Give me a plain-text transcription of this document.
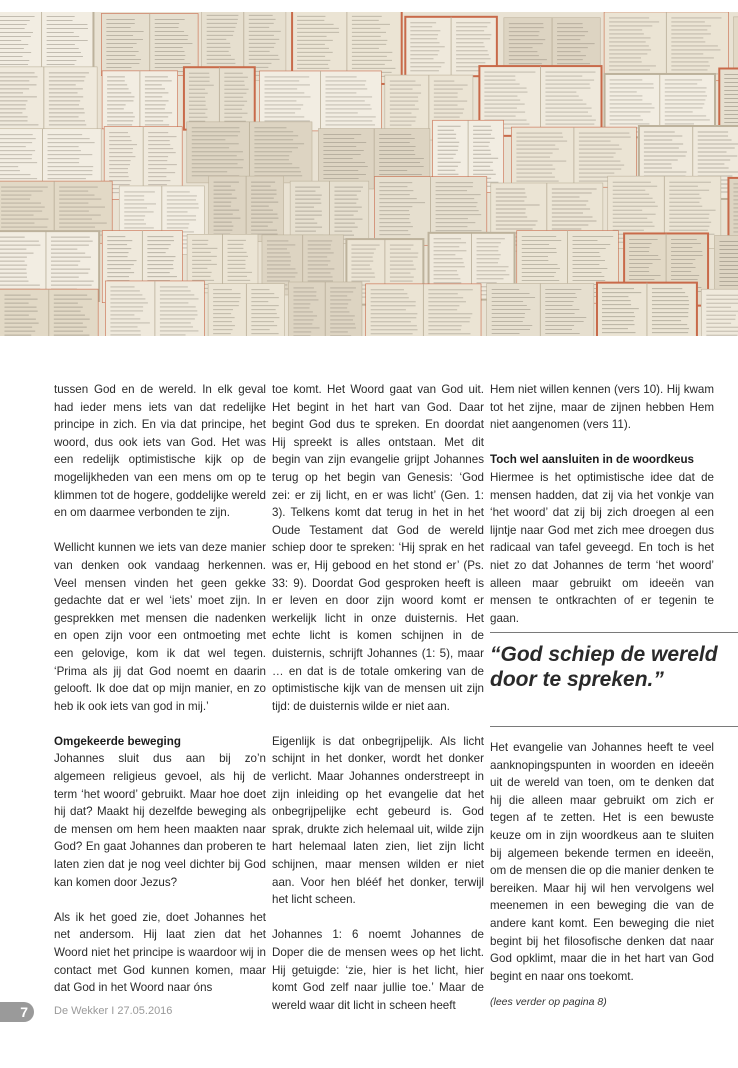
tussen God en de wereld. In elk geval had ieder mens iets van dat redelijke principe in zich. En via dat principe, het woord, dus ook iets van God. Het was een redelijk optimistische kijk op de mogelijkheden van een mens om op te klimmen tot de hogere, goddelijke wereld en om daarmee verbonden te zijn.

Wellicht kunnen we iets van deze manier van denken ook vandaag herkennen. Veel mensen vinden het geen gekke gedachte dat er wel ‘iets’ moet zijn. In gesprekken met mensen die nadenken en open zijn voor een ontmoeting met een gelovige, kom ik dat wel tegen. ‘Prima als jij dat God noemt en daarin gelooft. Ik doe dat op mijn manier, en zo heb ik ook iets van god in mij.’

Omgekeerde beweging

Johannes sluit dus aan bij zo’n algemeen religieus gevoel, als hij de term ‘het woord’ gebruikt. Maar hoe doet hij dat? Maakt hij dezelfde beweging als de mensen om hem heen maakten naar God? En gaat Johannes dan proberen te laten zien dat je nog veel dichter bij God kan komen door Jezus?

Als ik het goed zie, doet Johannes het net andersom. Hij laat zien dat het Woord niet het principe is waardoor wij in contact met God kunnen komen, maar dat God in het Woord naar óns

toe komt. Het Woord gaat van God uit. Het begint in het hart van God. Daar begint God dus te spreken. En doordat Hij spreekt is alles ontstaan. Met dit begin van zijn evangelie grijpt Johannes terug op het begin van Genesis: ‘God zei: er zij licht, en er was licht’ (Gen. 1: 3). Telkens komt dat terug in het in het Oude Testament dat God de wereld schiep door te spreken: ‘Hij sprak en het was er, Hij gebood en het stond er’ (Ps. 33: 9). Doordat God gesproken heeft is er leven en door zijn woord komt er werkelijk licht in onze duisternis. Het echte licht is komen schijnen in de duisternis, schrijft Johannes (1: 5), maar … en dat is de totale omkering van de optimistische kijk van de mensen uit zijn tijd: de duisternis wilde er niet aan.

Eigenlijk is dat onbegrijpelijk. Als licht schijnt in het donker, wordt het donker verlicht. Maar Johannes onderstreept in zijn inleiding op het evangelie dat het onbegrijpelijke echt gebeurd is. God sprak, drukte zich helemaal uit, wilde zijn hart helemaal laten zien, liet zijn licht schijnen, maar mensen wilden er niet aan. Voor hen blééf het donker, terwijl het licht scheen.

Johannes 1: 6 noemt Johannes de Doper die de mensen wees op het licht. Hij getuigde: ‘zie, hier is het licht, hier komt God zelf naar jullie toe.’ Maar de wereld waar dit licht in scheen heeft

Hem niet willen kennen (vers 10). Hij kwam tot het zijne, maar de zijnen hebben Hem niet aangenomen (vers 11).

Toch wel aansluiten in de woordkeus

Hiermee is het optimistische idee dat de mensen hadden, dat zij via het vonkje van ‘het woord’ dat zij bij zich droegen al een lijntje naar God met zich mee droegen dus radicaal van tafel geveegd. En toch is het niet zo dat Johannes de term ‘het woord’ alleen maar gebruikt om ideeën van mensen te ontkrachten of er tegenin te gaan.

“God schiep de wereld door te spreken.”

Het evangelie van Johannes heeft te veel aanknopingspunten in woorden en ideeën uit de wereld van toen, om te denken dat hij die alleen maar gebruikt om zich er tegen af te zetten. Het is een bewuste keuze om in zijn woordkeus aan te sluiten bij algemeen bekende termen en ideeën, om de mensen die op die manier denken te bereiken. Maar hij wil hen vervolgens wel meenemen in een beweging die van de andere kant komt. Een beweging die niet begint bij het filosofische denken dat naar God opklimt, maar die in het hart van God begint en naar ons toekomt.

(lees verder op pagina 8)
7	De Wekker I 27.05.2016
